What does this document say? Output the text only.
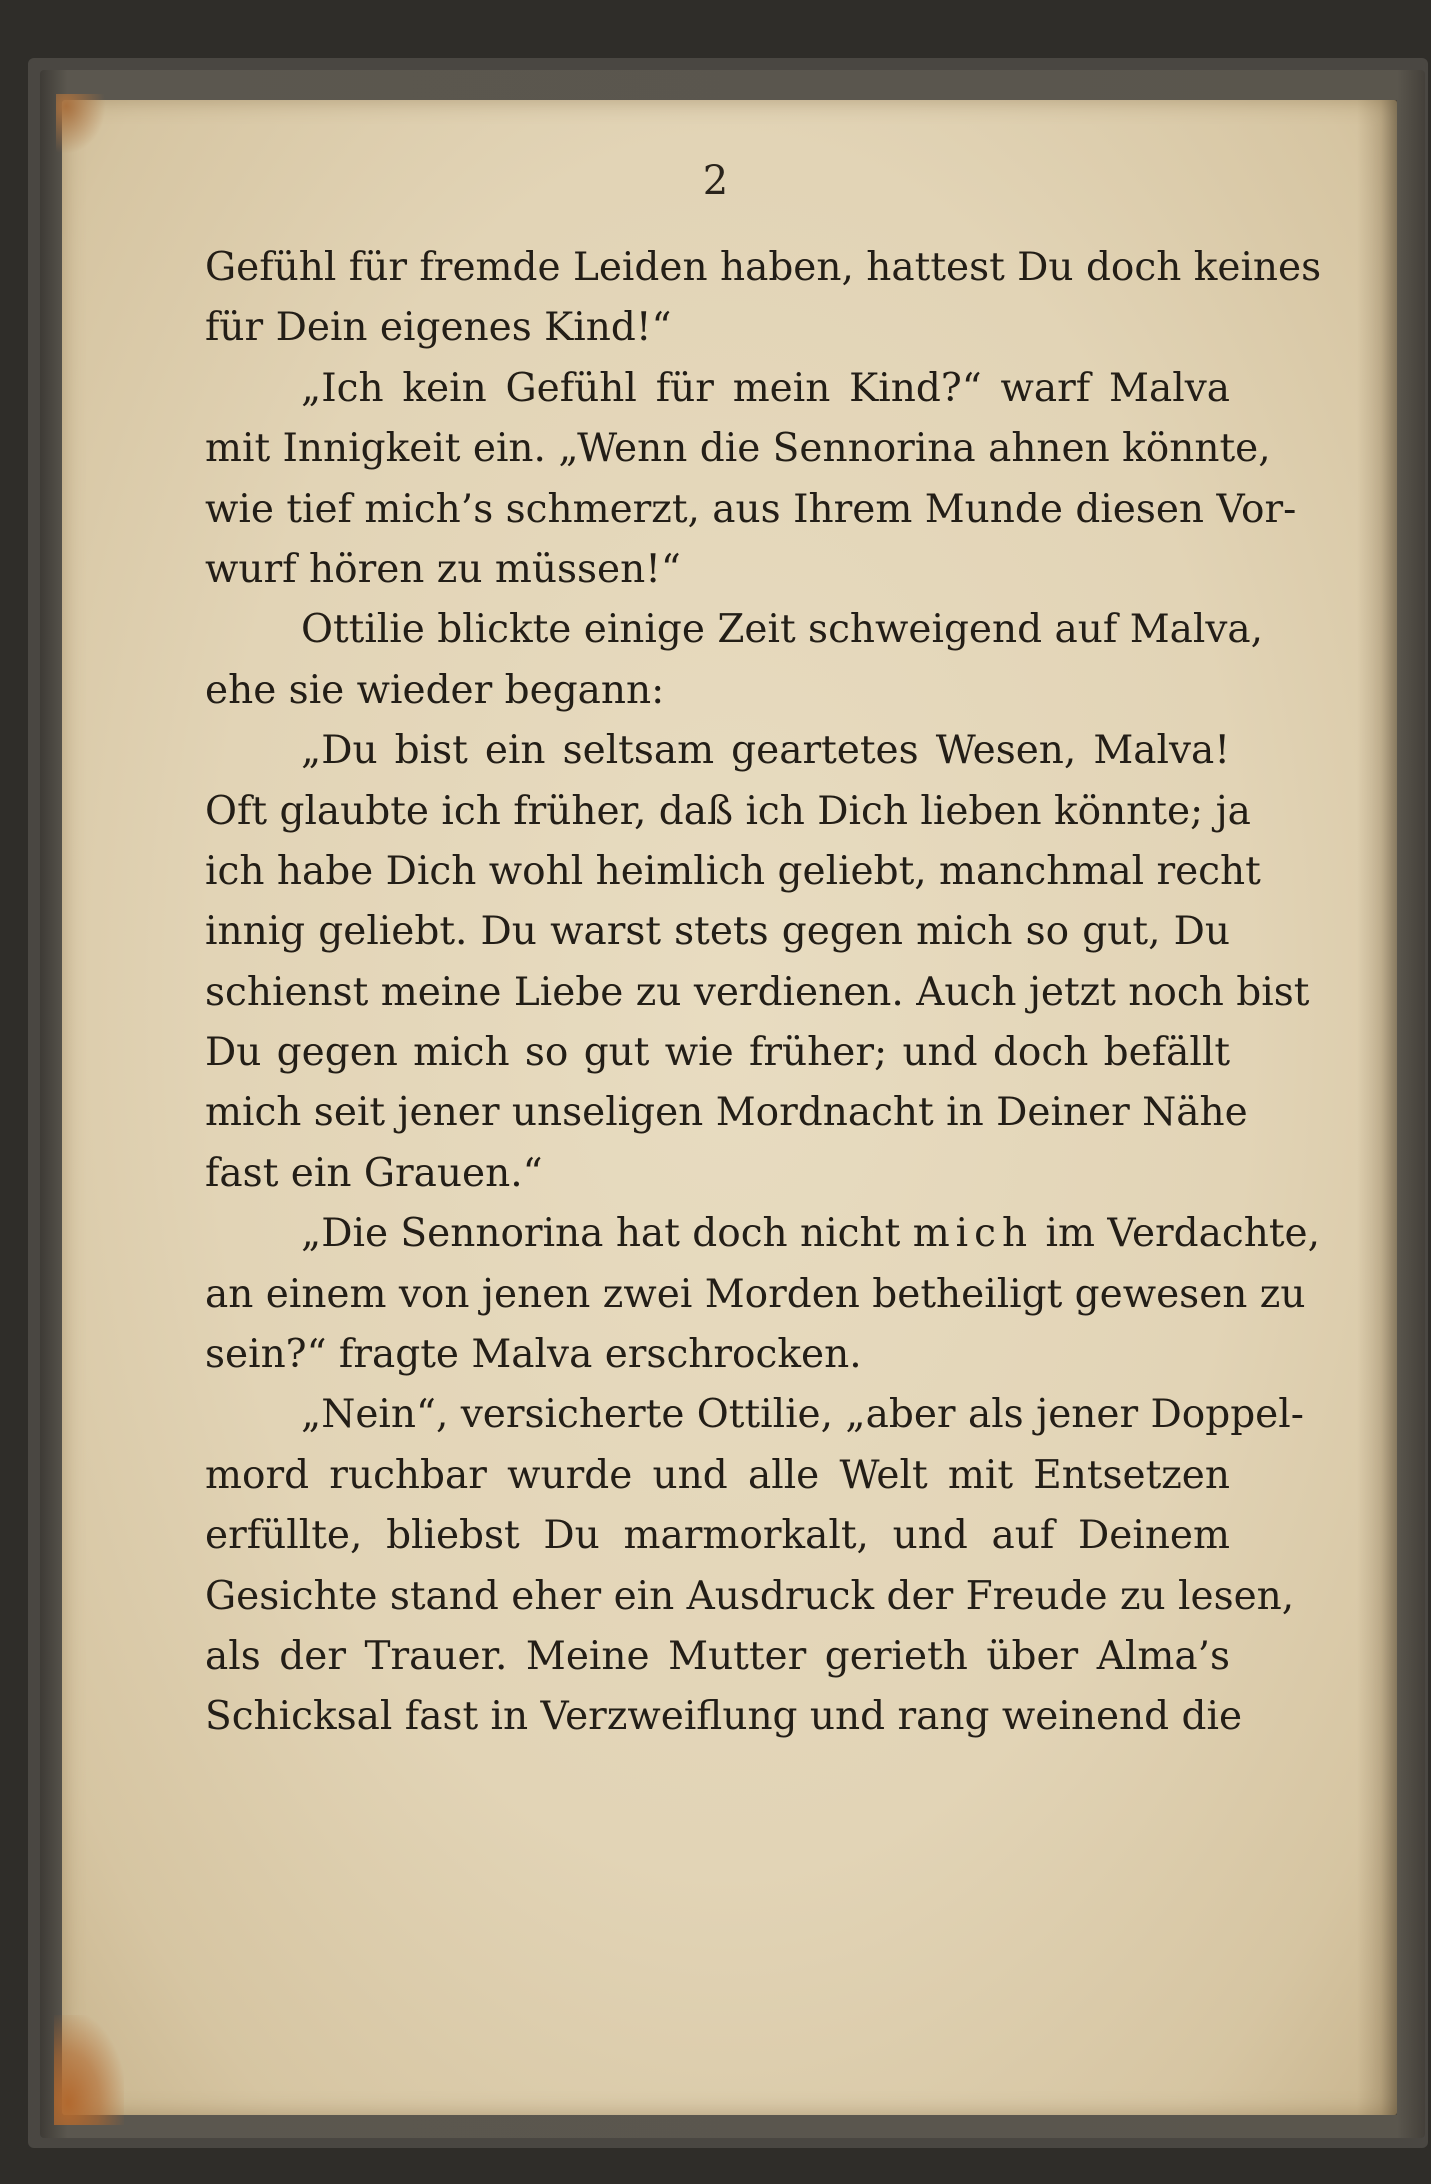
2
Gefühl für fremde Leiden haben, hattest Du doch keines
für Dein eigenes Kind!“
„Ich kein Gefühl für mein Kind?“ warf Malva
mit Innigkeit ein. „Wenn die Sennorina ahnen könnte,
wie tief mich’s schmerzt, aus Ihrem Munde diesen Vor-
wurf hören zu müssen!“
Ottilie blickte einige Zeit schweigend auf Malva,
ehe sie wieder begann:
„Du bist ein seltsam geartetes Wesen, Malva!
Oft glaubte ich früher, daß ich Dich lieben könnte; ja
ich habe Dich wohl heimlich geliebt, manchmal recht
innig geliebt. Du warst stets gegen mich so gut, Du
schienst meine Liebe zu verdienen. Auch jetzt noch bist
Du gegen mich so gut wie früher; und doch befällt
mich seit jener unseligen Mordnacht in Deiner Nähe
fast ein Grauen.“
„Die Sennorina hat doch nicht mich im Verdachte,
an einem von jenen zwei Morden betheiligt gewesen zu
sein?“ fragte Malva erschrocken.
„Nein“, versicherte Ottilie, „aber als jener Doppel-
mord ruchbar wurde und alle Welt mit Entsetzen
erfüllte, bliebst Du marmorkalt, und auf Deinem
Gesichte stand eher ein Ausdruck der Freude zu lesen,
als der Trauer. Meine Mutter gerieth über Alma’s
Schicksal fast in Verzweiflung und rang weinend die
